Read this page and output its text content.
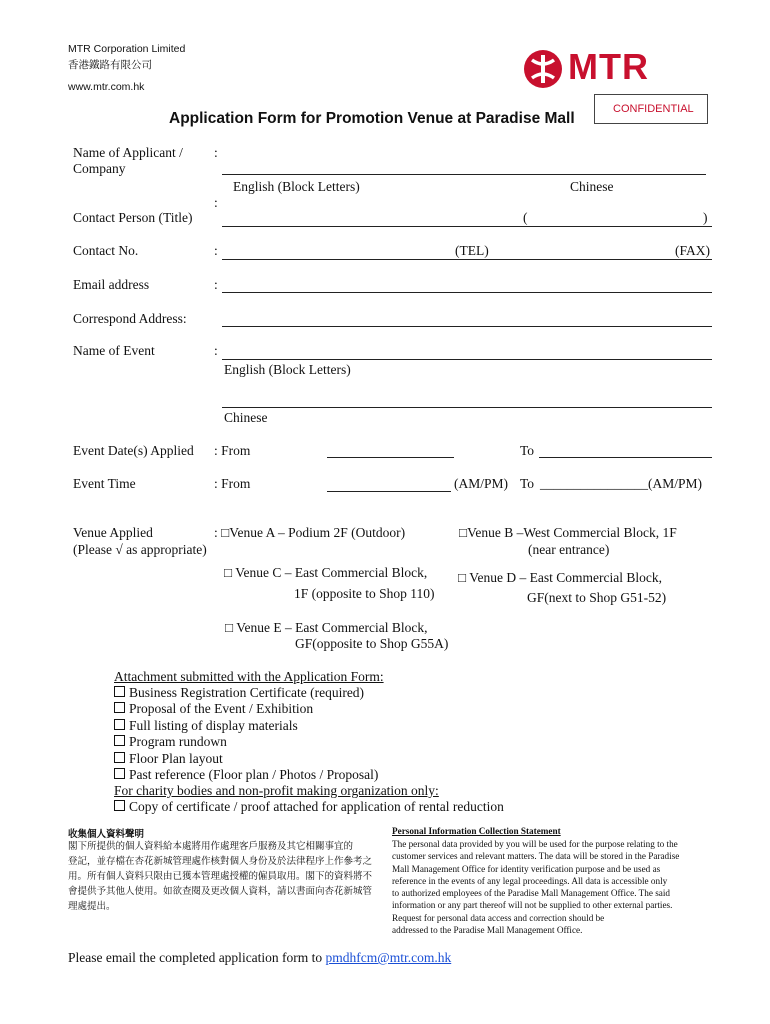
MTR Corporation Limited
香港鐵路有限公司
www.mtr.com.hk	MTR
CONFIDENTIAL
Application Form for Promotion Venue at Paradise Mall
Name of Applicant /
Company
:
English (Block Letters)	Chinese
:
Contact Person (Title)	(	)
Contact No.	:	(TEL)	(FAX)
Email address	:
Correspond Address:
Name of Event	:
English (Block Letters)
Chinese
Event Date(s) Applied : From	To
Event Time	: From	(AM/PM) To ________________(AM/PM)
Venue Applied
(Please √ as appropriate)
: □Venue A – Podium 2F (Outdoor)	□Venue B –West Commercial Block, 1F
(near entrance)
□ Venue C – East Commercial Block,
1F (opposite to Shop 110)
□ Venue D – East Commercial Block,
GF(next to Shop G51-52)
□ Venue E – East Commercial Block,
GF(opposite to Shop G55A)
Attachment submitted with the Application Form:
Business Registration Certificate (required)
Proposal of the Event / Exhibition
Full listing of display materials
Program rundown
Floor Plan layout
Past reference (Floor plan / Photos / Proposal)
For charity bodies and non-profit making organization only:
Copy of certificate / proof attached for application of rental reduction
收集個人資料聲明
閣下所提供的個人資料給本處將用作處理客戶服務及其它相關事宜的
登記，並存檔在杏花新城管理處作核對個人身份及於法律程序上作參考之
用。所有個人資料只限由已獲本管理處授權的僱員取用。閣下的資料將不
會提供予其他人使用。如欲查閱及更改個人資料，請以書面向杏花新城管
理處提出。
Personal Information Collection Statement
The personal data provided by you will be used for the purpose relating to the
customer services and relevant matters. The data will be stored in the Paradise
Mall Management Office for identity verification purpose and be used as
reference in the events of any legal proceedings. All data is accessible only
to authorized employees of the Paradise Mall Management Office. The said
information or any part thereof will not be supplied to other external parties.
Request for personal data access and correction should be
addressed to the Paradise Mall Management Office.
Please email the completed application form to pmdhfcm@mtr.com.hk
